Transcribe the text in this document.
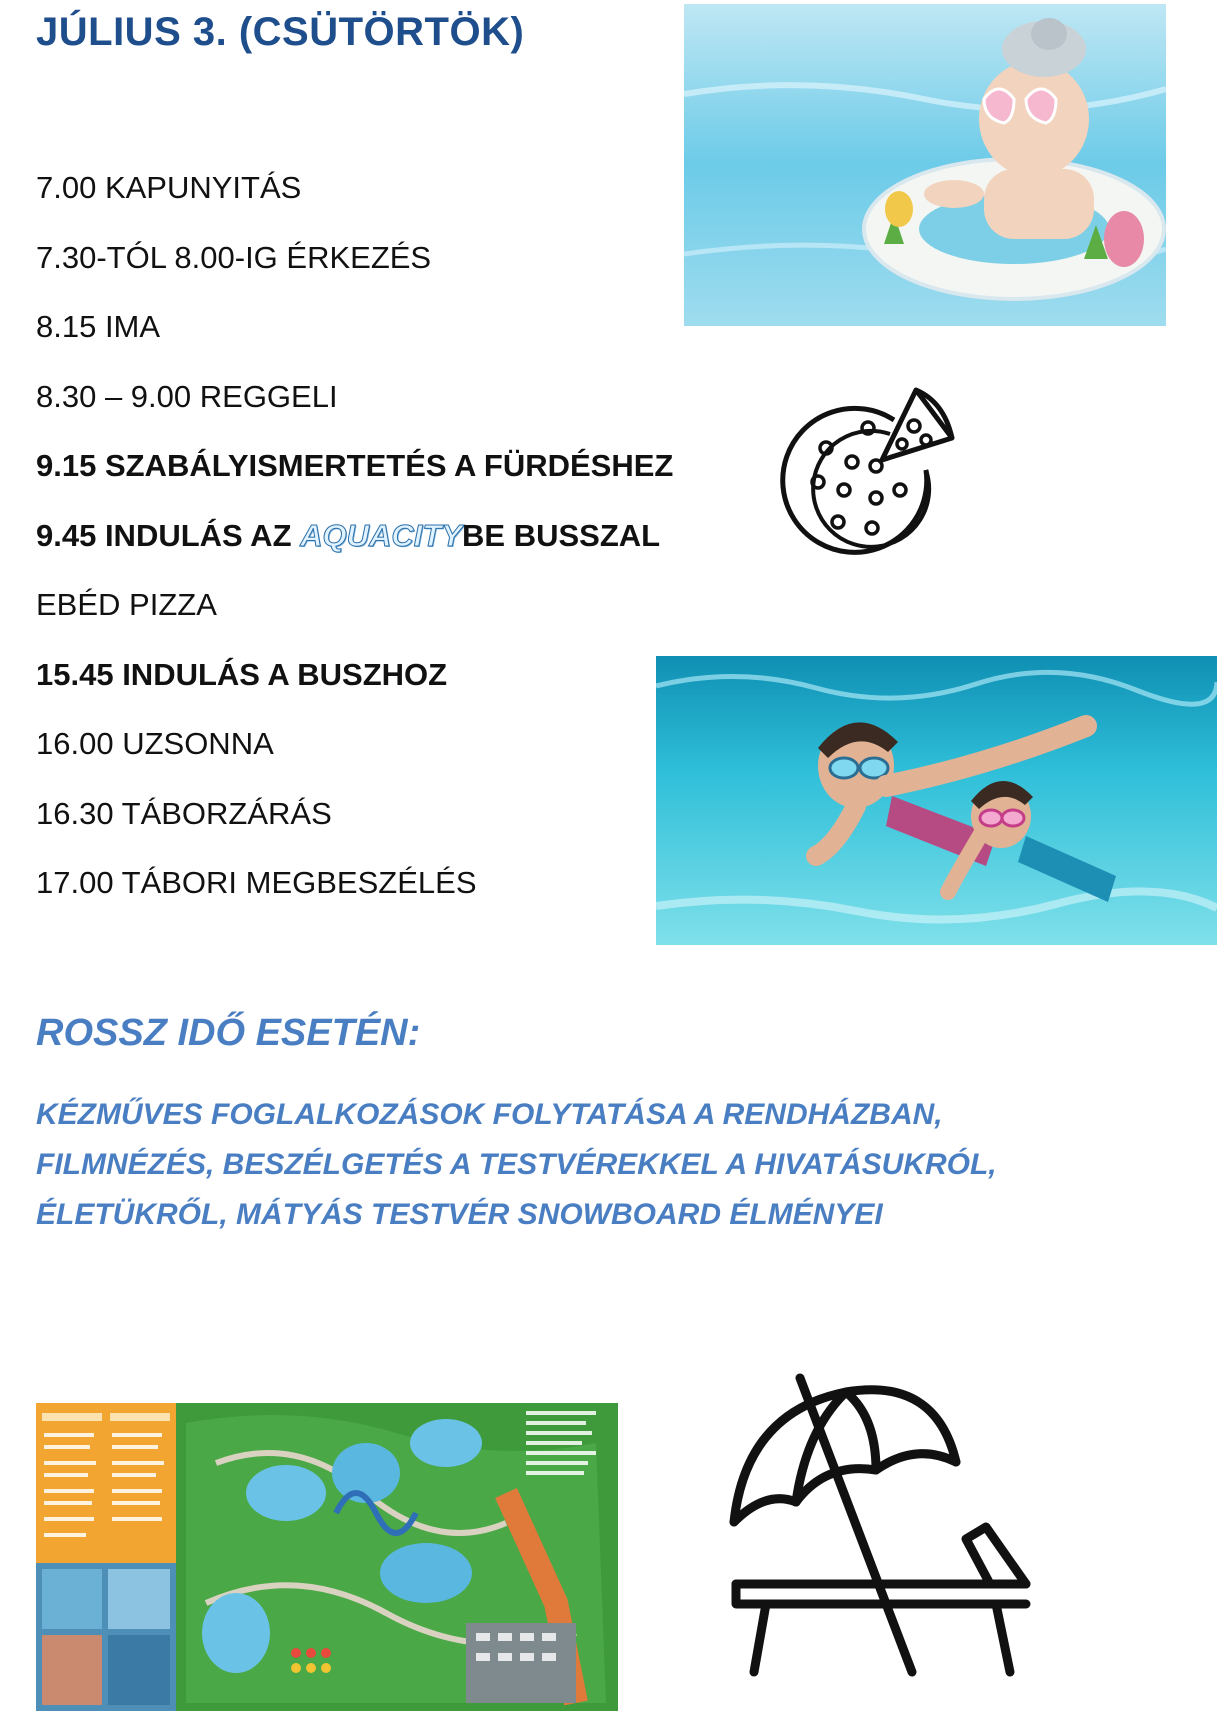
JÚLIUS 3. (CSÜTÖRTÖK)
7.00 KAPUNYITÁS
7.30-TÓL 8.00-IG ÉRKEZÉS
8.15 IMA
8.30 – 9.00 REGGELI
9.15 SZABÁLYISMERTETÉS A FÜRDÉSHEZ
9.45 INDULÁS AZ AQUACITYBE BUSSZAL
EBÉD PIZZA
15.45 INDULÁS A BUSZHOZ
16.00 UZSONNA
16.30 TÁBORZÁRÁS
17.00 TÁBORI MEGBESZÉLÉS
ROSSZ IDŐ ESETÉN:
KÉZMŰVES FOGLALKOZÁSOK FOLYTATÁSA A RENDHÁZBAN,
FILMNÉZÉS, BESZÉLGETÉS A TESTVÉREKKEL A HIVATÁSUKRÓL,
ÉLETÜKRŐL, MÁTYÁS TESTVÉR SNOWBOARD ÉLMÉNYEI
